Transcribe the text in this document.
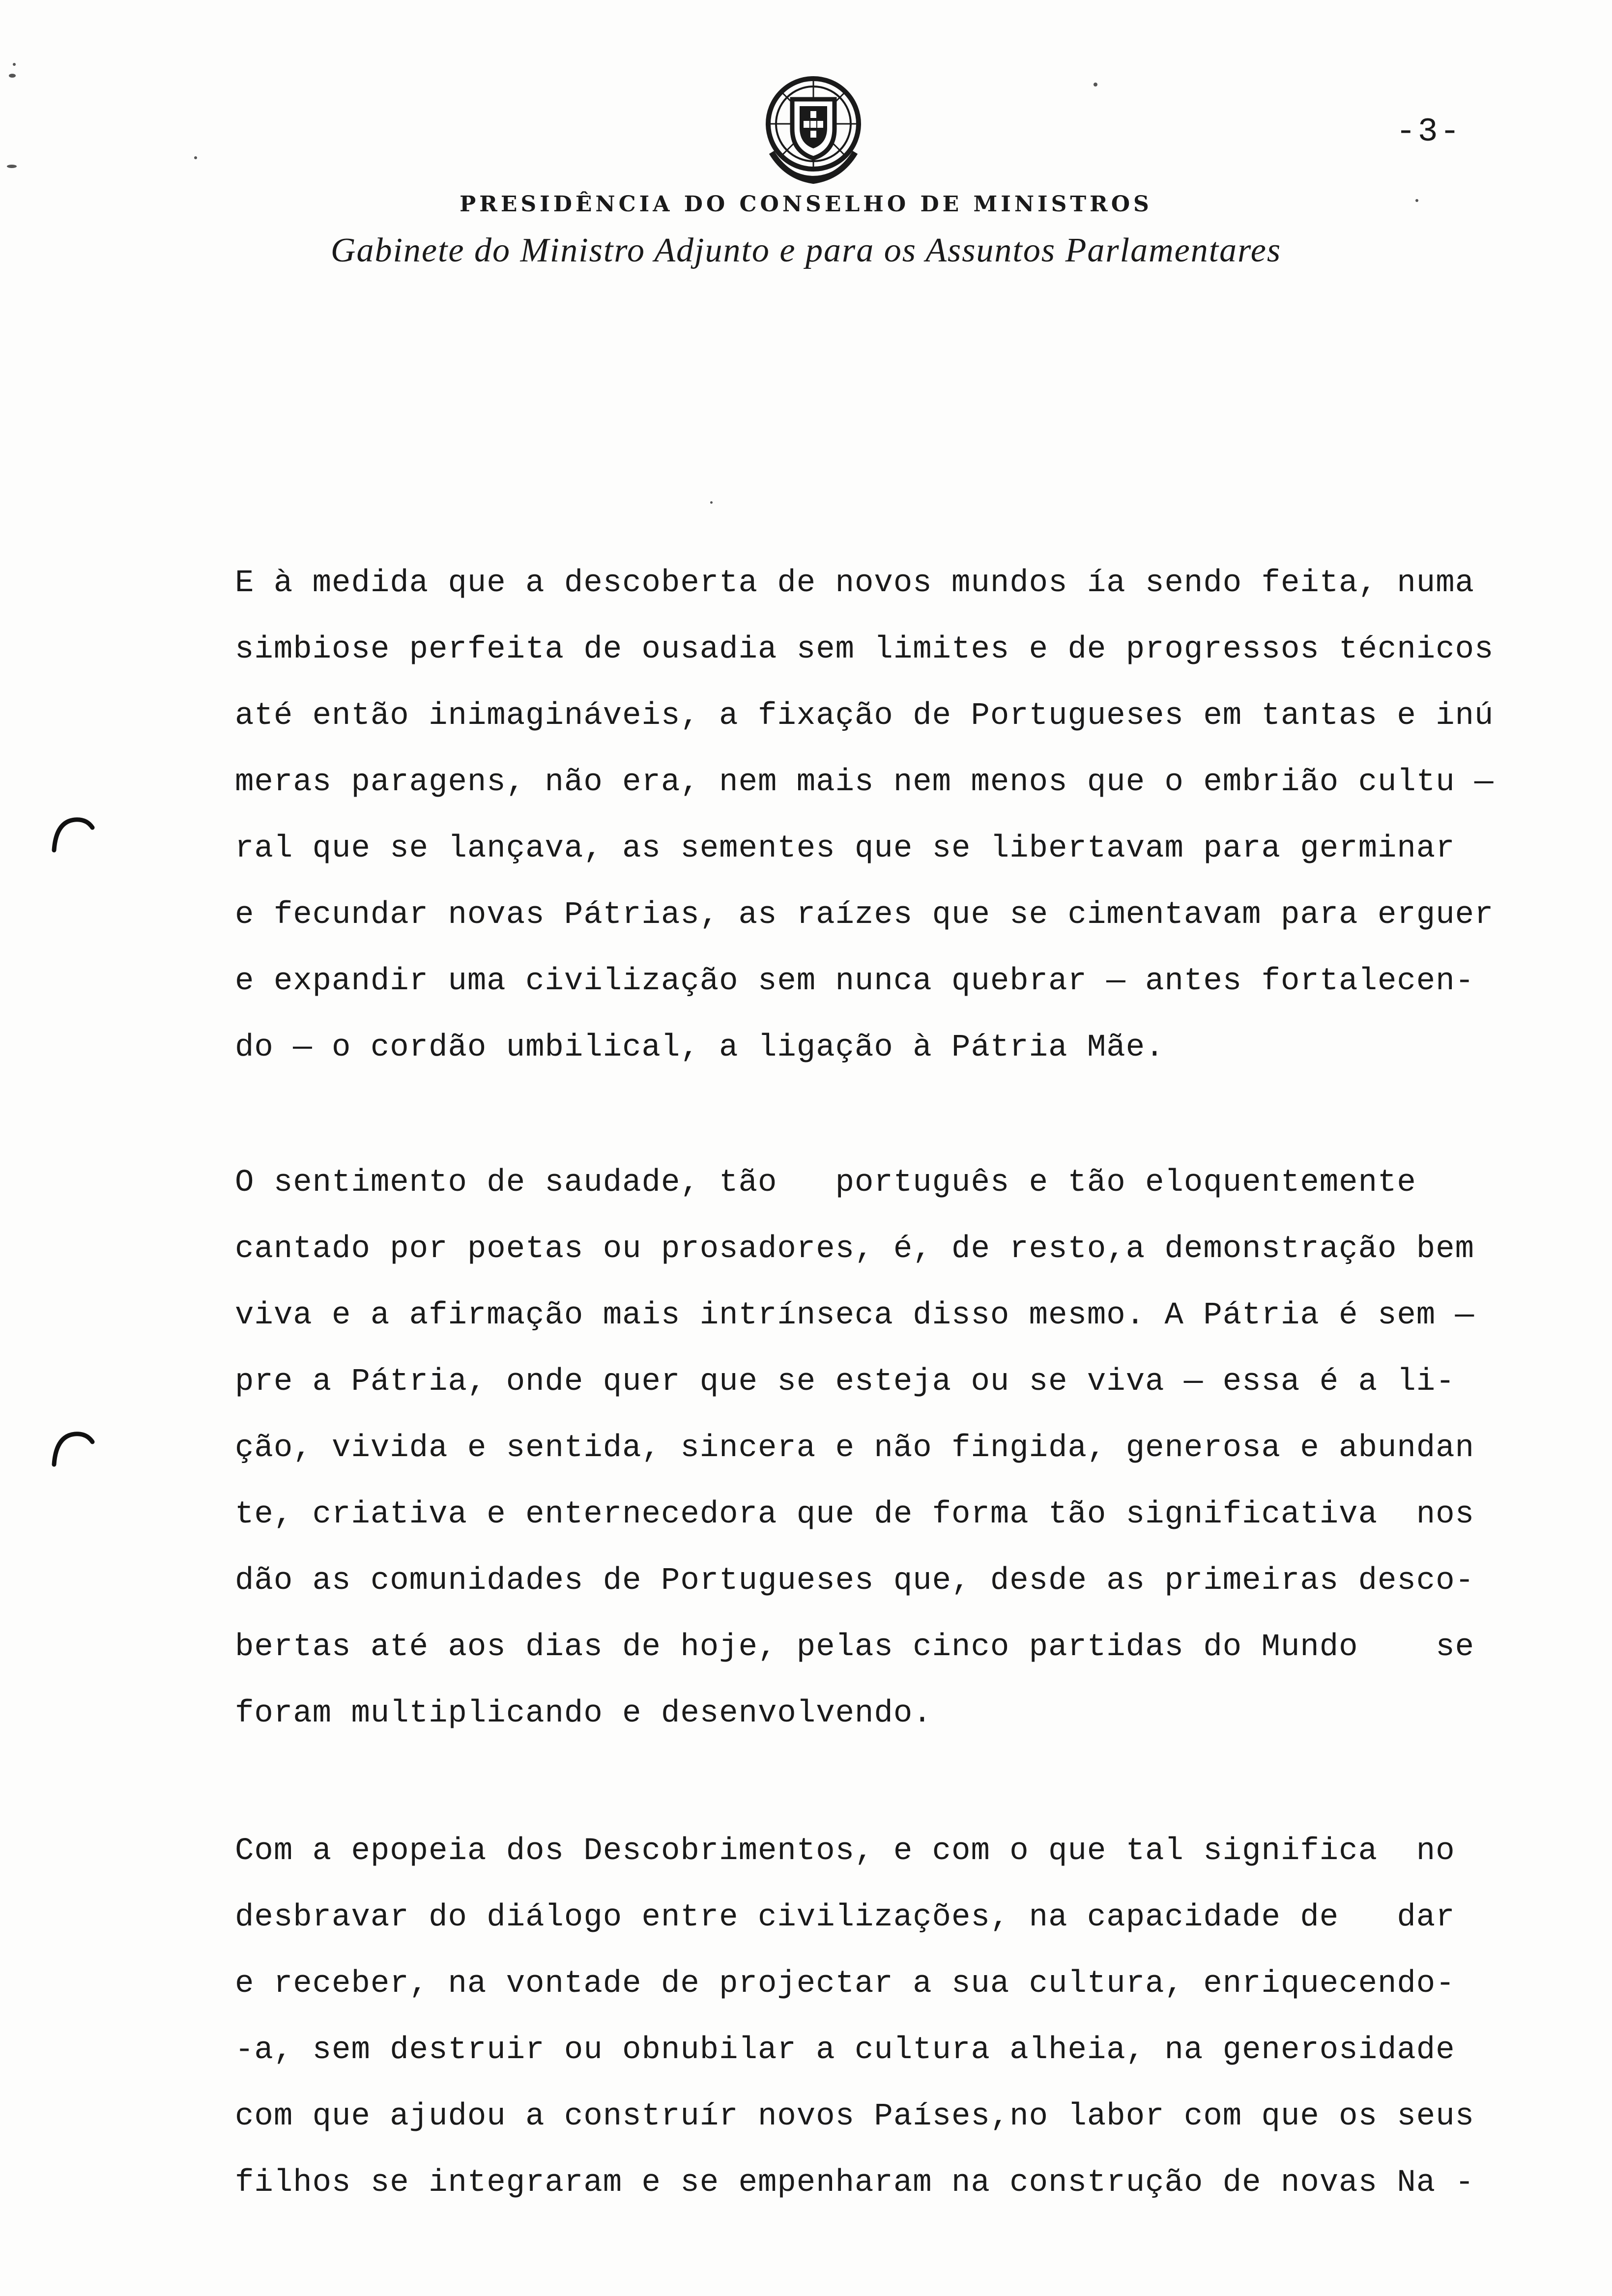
-3-
PRESIDÊNCIA DO CONSELHO DE MINISTROS
Gabinete do Ministro Adjunto e para os Assuntos Parlamentares
E à medida que a descoberta de novos mundos ía sendo feita, numa
simbiose perfeita de ousadia sem limites e de progressos técnicos
até então inimagináveis, a fixação de Portugueses em tantas e inú
meras paragens, não era, nem mais nem menos que o embrião cultu —
ral que se lançava, as sementes que se libertavam para germinar
e fecundar novas Pátrias, as raízes que se cimentavam para erguer
e expandir uma civilização sem nunca quebrar — antes fortalecen-
do — o cordão umbilical, a ligação à Pátria Mãe.
O sentimento de saudade, tão   português e tão eloquentemente
cantado por poetas ou prosadores, é, de resto,a demonstração bem
viva e a afirmação mais intrínseca disso mesmo. A Pátria é sem —
pre a Pátria, onde quer que se esteja ou se viva — essa é a li-
ção, vivida e sentida, sincera e não fingida, generosa e abundan
te, criativa e enternecedora que de forma tão significativa  nos
dão as comunidades de Portugueses que, desde as primeiras desco-
bertas até aos dias de hoje, pelas cinco partidas do Mundo    se
foram multiplicando e desenvolvendo.
Com a epopeia dos Descobrimentos, e com o que tal significa  no
desbravar do diálogo entre civilizações, na capacidade de   dar
e receber, na vontade de projectar a sua cultura, enriquecendo-
-a, sem destruir ou obnubilar a cultura alheia, na generosidade
com que ajudou a construír novos Países,no labor com que os seus
filhos se integraram e se empenharam na construção de novas Na -
